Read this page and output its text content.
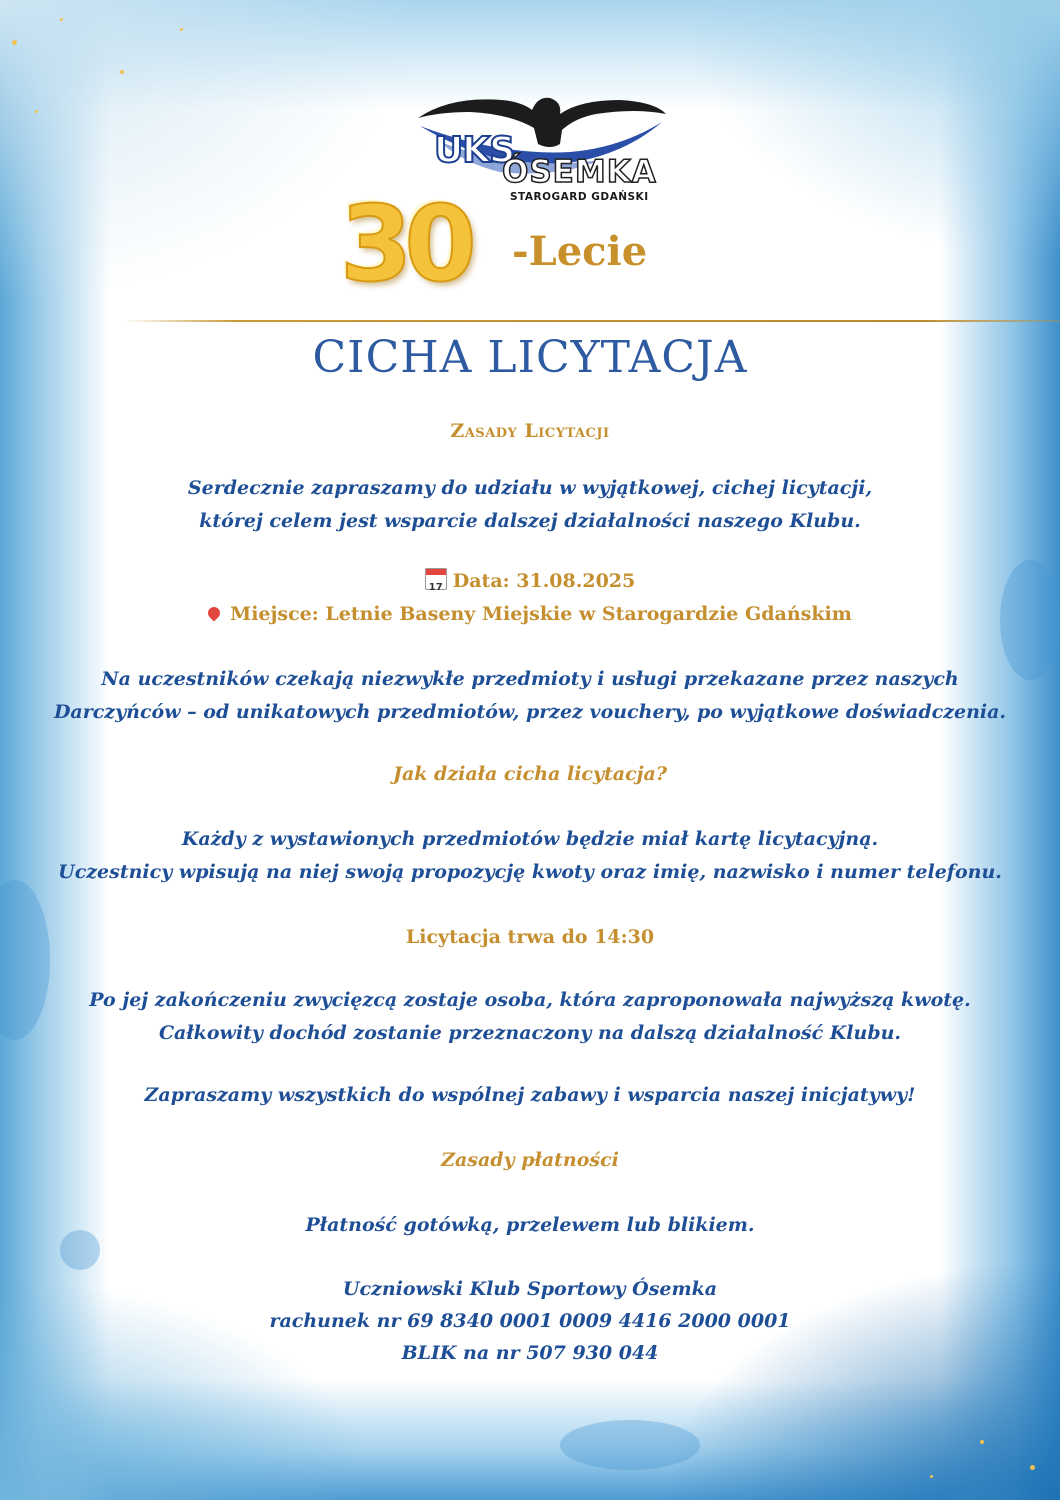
UKS
ÓSEMKA
STAROGARD GDAŃSKI
30 -Lecie
CICHA LICYTACJA
Zasady Licytacji
Serdecznie zapraszamy do udziału w wyjątkowej, cichej licytacji,
której celem jest wsparcie dalszej działalności naszego Klubu.
17Data: 31.08.2025
Miejsce: Letnie Baseny Miejskie w Starogardzie Gdańskim
Na uczestników czekają niezwykłe przedmioty i usługi przekazane przez naszych
Darczyńców – od unikatowych przedmiotów, przez vouchery, po wyjątkowe doświadczenia.
Jak działa cicha licytacja?
Każdy z wystawionych przedmiotów będzie miał kartę licytacyjną.
Uczestnicy wpisują na niej swoją propozycję kwoty oraz imię, nazwisko i numer telefonu.
Licytacja trwa do 14:30
Po jej zakończeniu zwycięzcą zostaje osoba, która zaproponowała najwyższą kwotę.
Całkowity dochód zostanie przeznaczony na dalszą działalność Klubu.
Zapraszamy wszystkich do wspólnej zabawy i wsparcia naszej inicjatywy!
Zasady płatności
Płatność gotówką, przelewem lub blikiem.
Uczniowski Klub Sportowy Ósemka
rachunek nr 69 8340 0001 0009 4416 2000 0001
BLIK na nr 507 930 044
